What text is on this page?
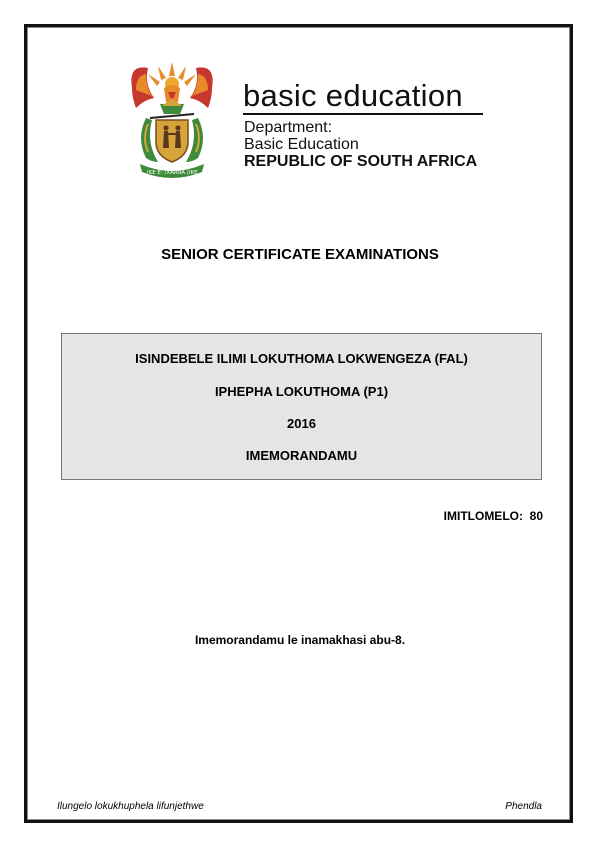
!KE E: /XARRA //KE
basic education
Department:
Basic Education
REPUBLIC OF SOUTH AFRICA
SENIOR CERTIFICATE EXAMINATIONS
ISINDEBELE ILIMI LOKUTHOMA LOKWENGEZA (FAL)
IPHEPHA LOKUTHOMA (P1)
2016
IMEMORANDAMU
IMITLOMELO:  80
Imemorandamu le inamakhasi abu-8.
Ilungelo lokukhuphela lifunjethwe	Phendla
